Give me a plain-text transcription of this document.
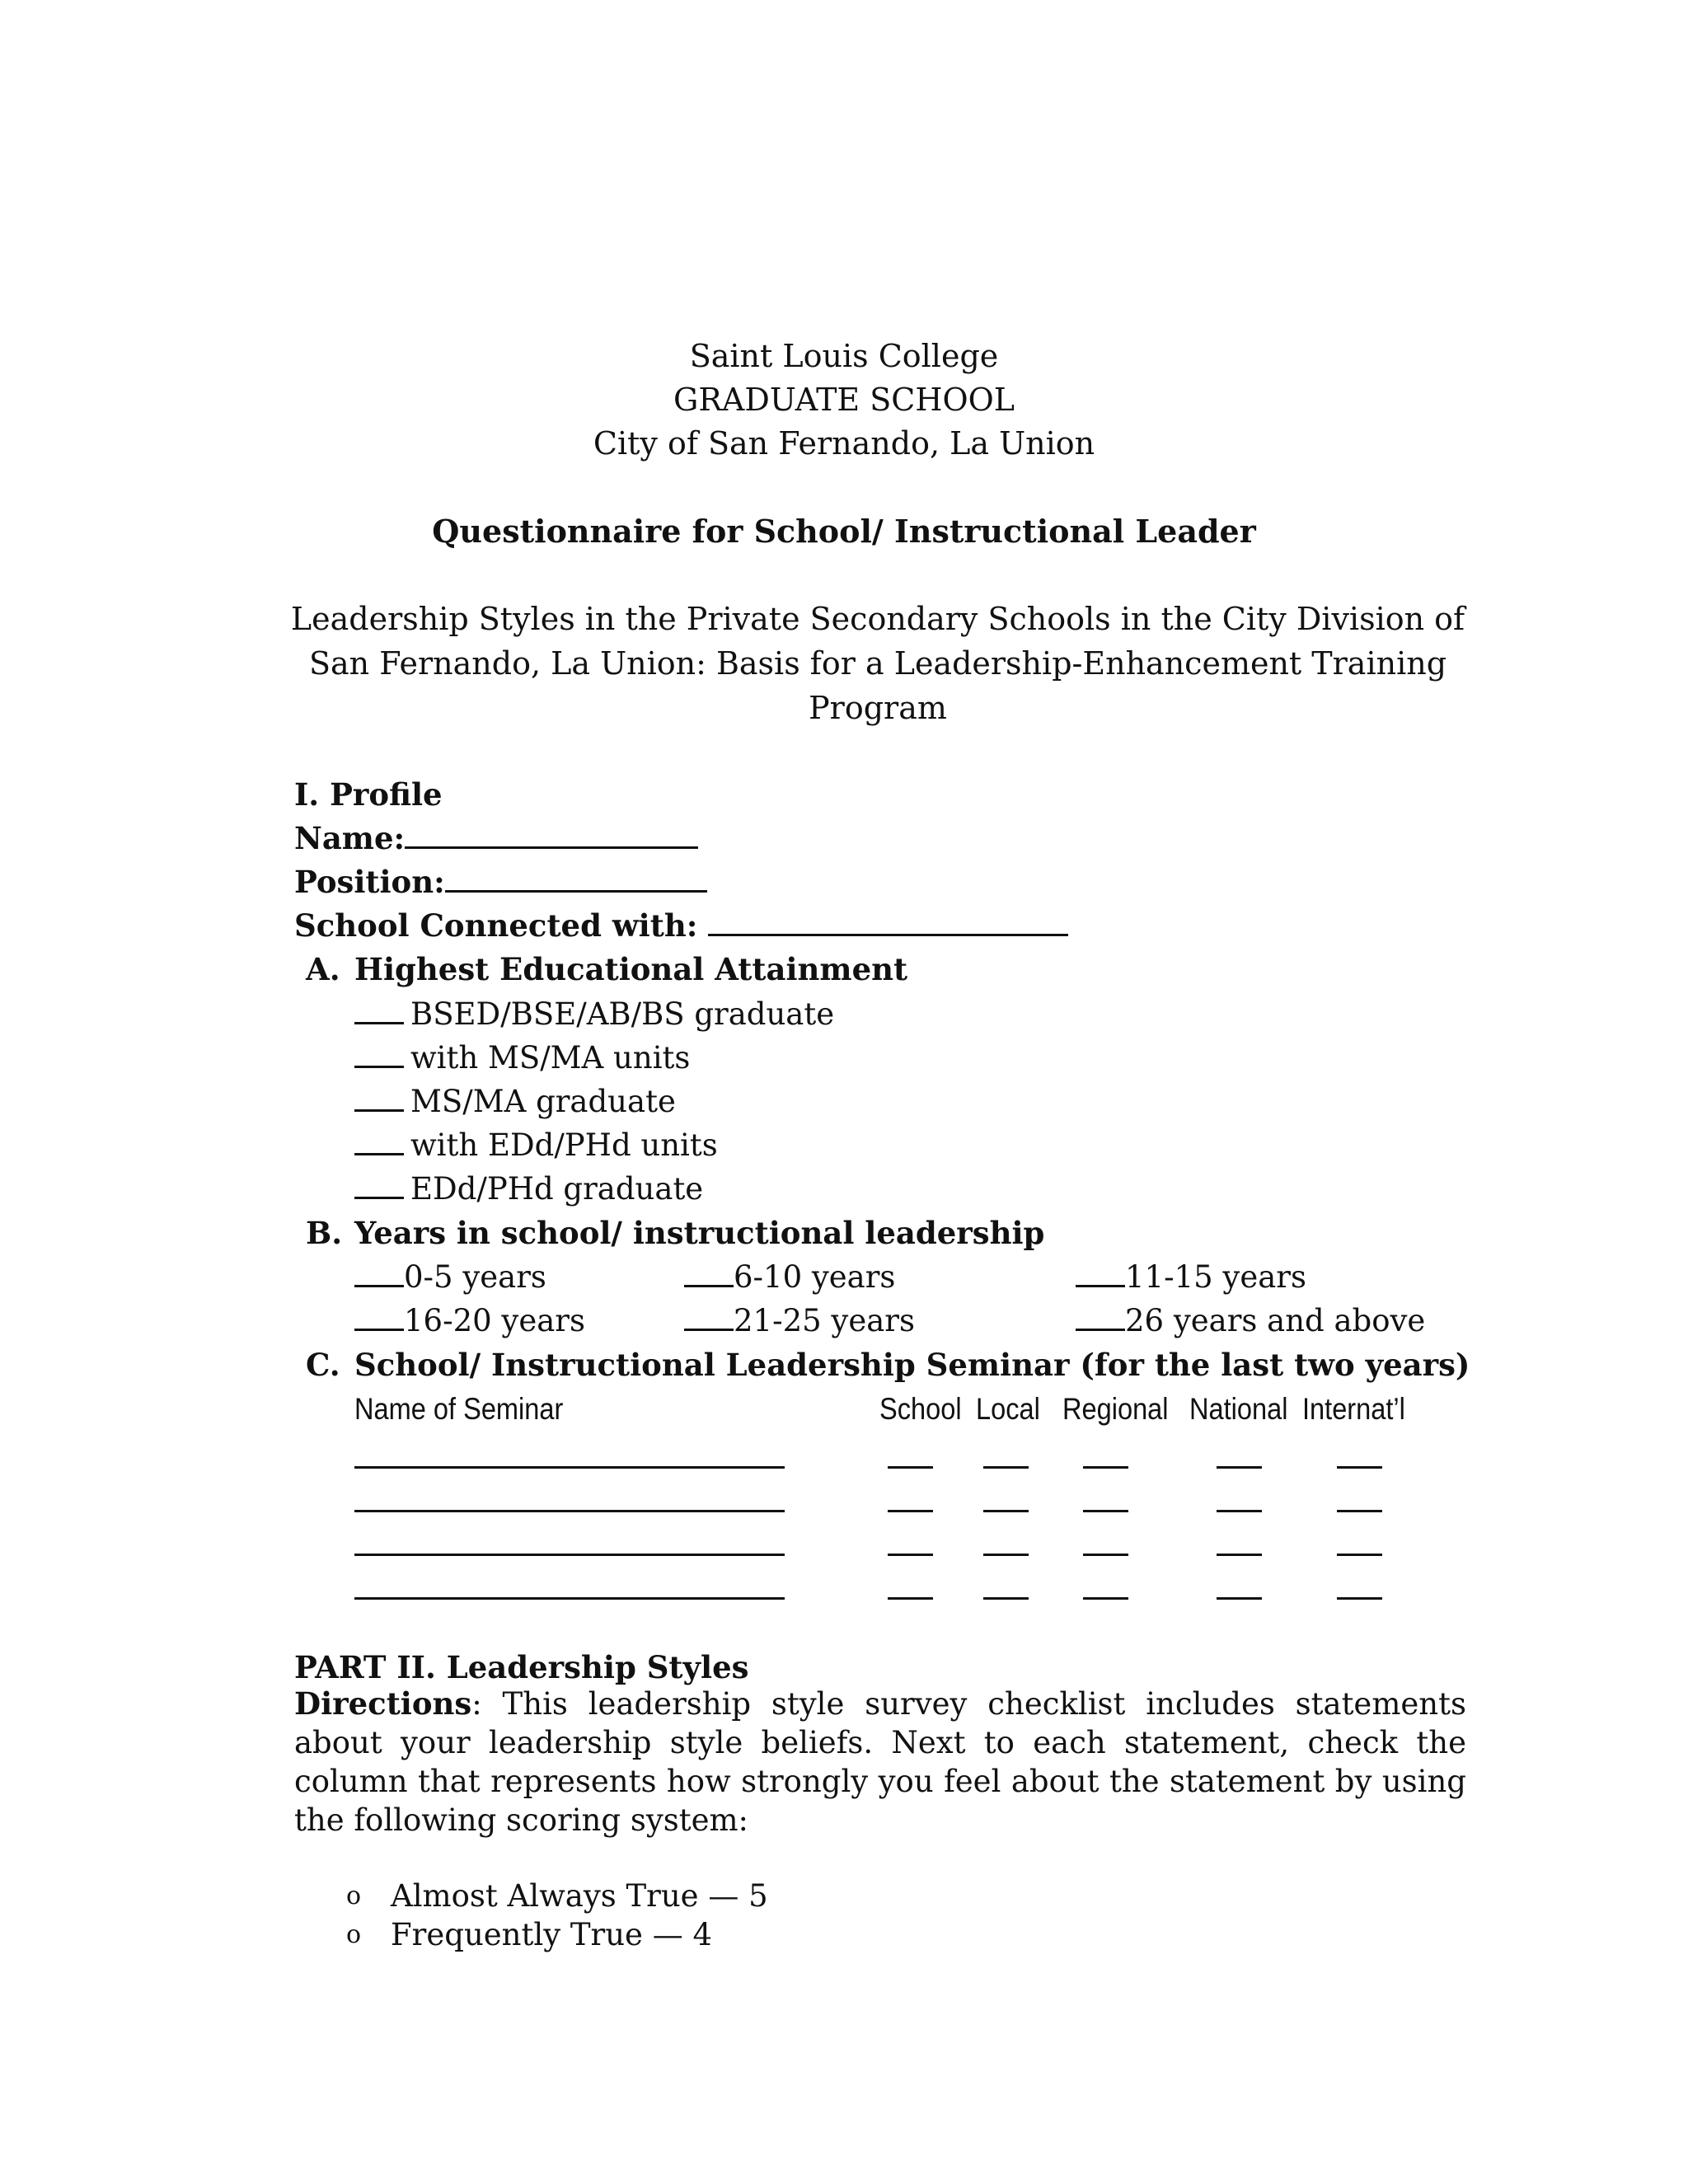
Saint Louis College
GRADUATE SCHOOL
City of San Fernando, La Union
Questionnaire for School/ Instructional Leader
Leadership Styles in the Private Secondary Schools in the City Division of San Fernando, La Union: Basis for a Leadership-Enhancement Training Program
I. Profile
Name:
Position:
School Connected with:
A. Highest Educational Attainment
BSED/BSE/AB/BS graduate
with MS/MA units
MS/MA graduate
with EDd/PHd units
EDd/PHd graduate
B. Years in school/ instructional leadership
0-5 years	6-10 years	11-15 years
16-20 years	21-25 years	26 years and above
C. School/ Instructional Leadership Seminar (for the last two years)
Name of Seminar	School Local Regional National Internat’l
PART II. Leadership Styles
Directions: This leadership style survey checklist includes statements about your leadership style beliefs. Next to each statement, check the column that represents how strongly you feel about the statement by using the following scoring system:
o Almost Always True — 5
o Frequently True — 4
